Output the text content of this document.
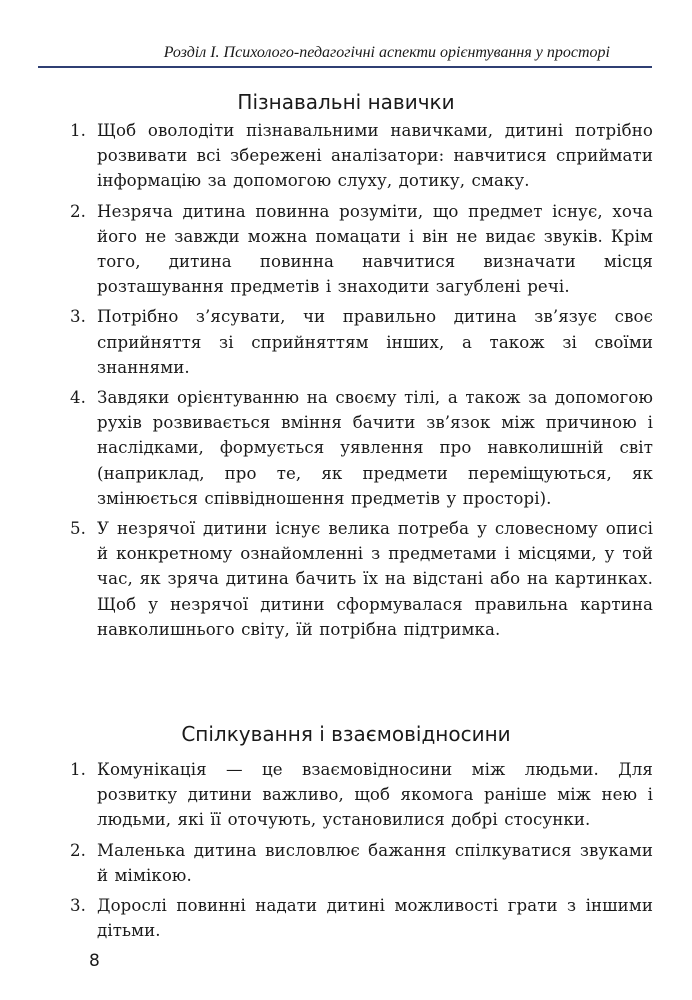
Розділ І. Психолого-педагогічні аспекти орієнтування у просторі
Пізнавальні навички
1. Щоб оволодіти пізнавальними навичками, дитині потрібно розвивати всі збережені аналізатори: навчитися сприймати інформацію за допомогою слуху, дотику, смаку.
2. Незряча дитина повинна розуміти, що предмет існує, хоча його не завжди можна помацати і він не видає звуків. Крім того, дитина повинна навчитися визначати місця розташування предметів і знаходити загублені речі.
3. Потрібно з’ясувати, чи правильно дитина зв’язує своє сприйняття зі сприйняттям інших, а також зі своїми знаннями.
4. Завдяки орієнтуванню на своєму тілі, а також за допомогою рухів розвивається вміння бачити зв’язок між причиною і наслідками, формується уявлення про навколишній світ (наприклад, про те, як предмети переміщуються, як змінюється співвідношення предметів у просторі).
5. У незрячої дитини існує велика потреба у словесному описі й конкретному ознайомленні з предметами і місцями, у той час, як зряча дитина бачить їх на відстані або на картинках. Щоб у незрячої дитини сформувалася правильна картина навколишнього світу, їй потрібна підтримка.
Спілкування і взаємовідносини
1. Комунікація — це взаємовідносини між людьми. Для розвитку дитини важливо, щоб якомога раніше між нею і людьми, які її оточують, установилися добрі стосунки.
2. Маленька дитина висловлює бажання спілкуватися звуками й мімікою.
3. Дорослі повинні надати дитині можливості грати з іншими дітьми.
8
